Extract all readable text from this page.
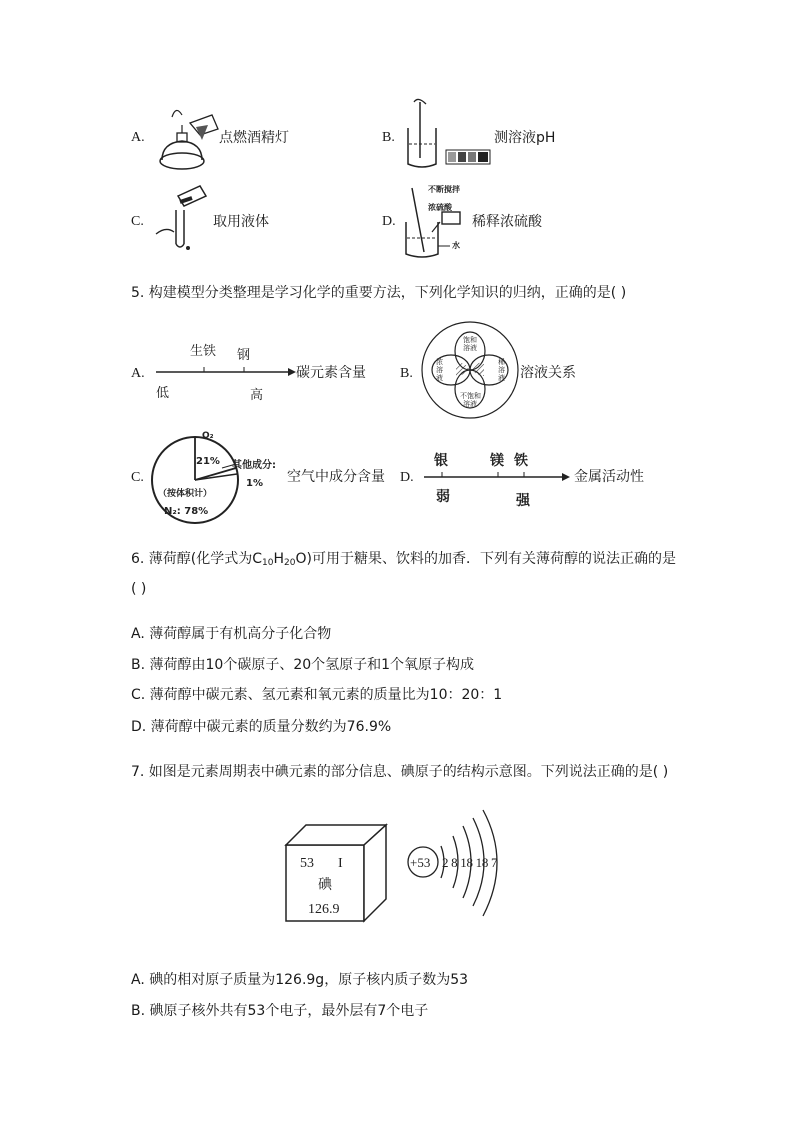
A.	点燃酒精灯	B.	测溶液pH
C.	取用液体	D.
不断搅拌
浓硫酸
水
稀释浓硫酸
5. 构建模型分类整理是学习化学的重要方法，下列化学知识的归纳，正确的是( )
A.
生铁 钢
低	高
碳元素含量 B.
饱和
溶液
稀
溶
液
浓
溶
液
不饱和
溶液
溶液关系
C.
O₂
21% 其他成分:
1%
（按体积计）
N₂: 78%
空气中成分含量 D.
银	镁 铁
弱	强
金属活动性
6. 薄荷醇(化学式为$C_{10}H_{20}O$)可用于糖果、饮料的加香．下列有关薄荷醇的说法正确的是
( )
A. 薄荷醇属于有机高分子化合物
B. 薄荷醇由10个碳原子、20个氢原子和1个氧原子构成
C. 薄荷醇中碳元素、氢元素和氧元素的质量比为10：20：1
D. 薄荷醇中碳元素的质量分数约为76.9%
7. 如图是元素周期表中碘元素的部分信息、碘原子的结构示意图。下列说法正确的是( )
53 I
碘
126.9
+53 2 8 18 18 7
A. 碘的相对原子质量为126.9g，原子核内质子数为53
B. 碘原子核外共有53个电子，最外层有7个电子
